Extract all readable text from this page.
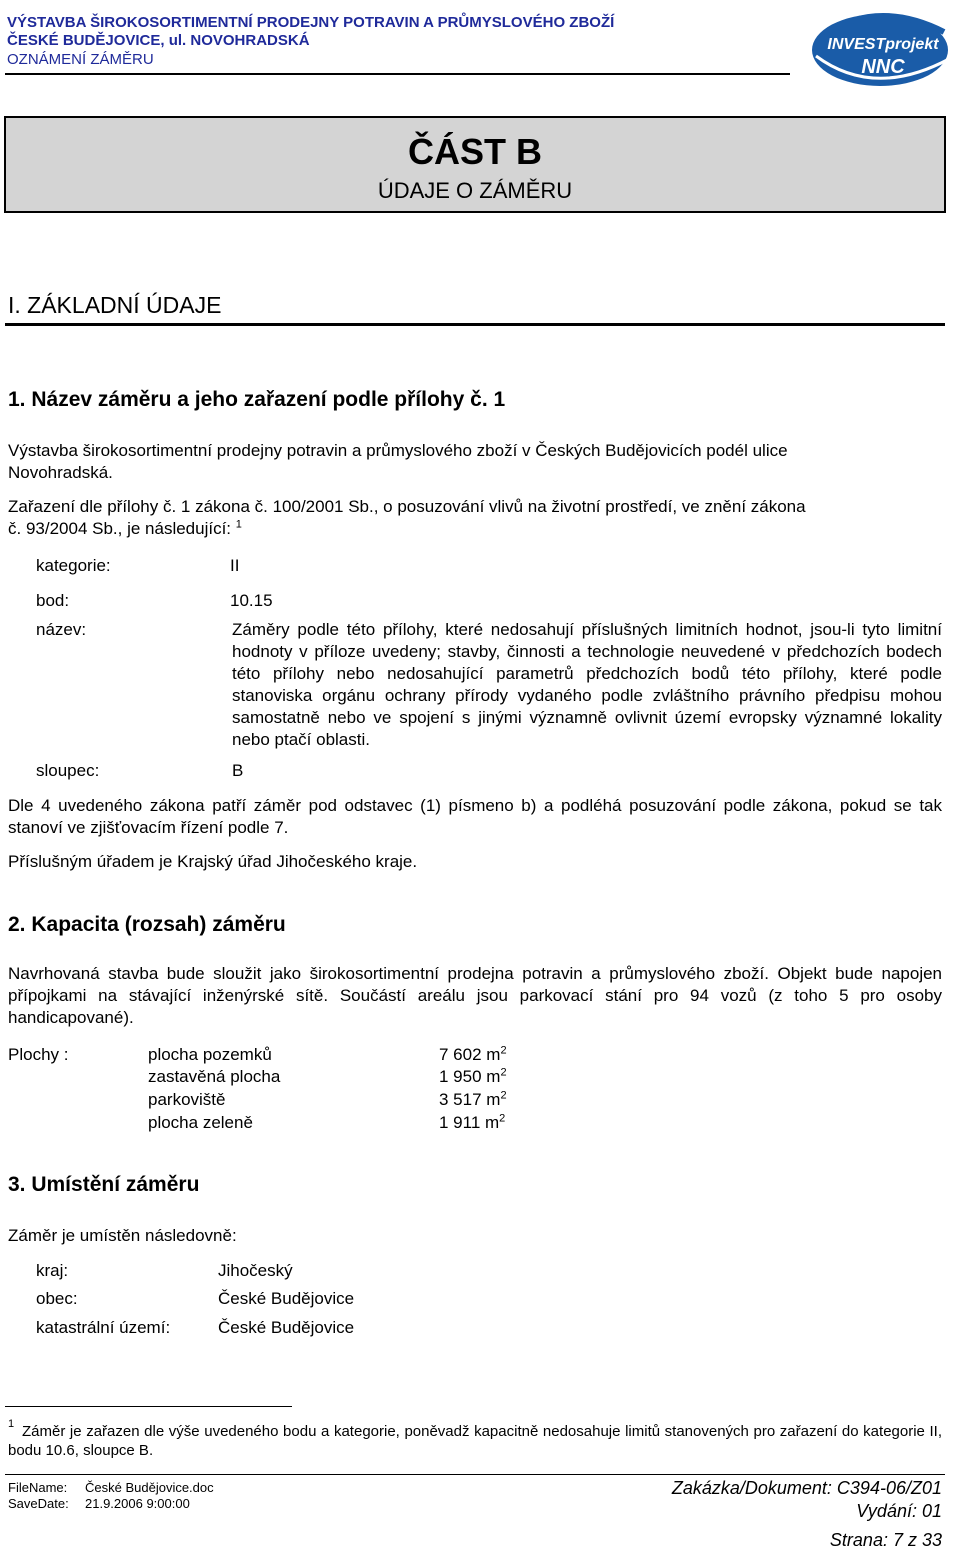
VÝSTAVBA ŠIROKOSORTIMENTNÍ PRODEJNY POTRAVIN A PRŮMYSLOVÉHO ZBOŽÍ
ČESKÉ BUDĚJOVICE, ul. NOVOHRADSKÁ
OZNÁMENÍ ZÁMĚRU
INVESTprojekt
NNC
ČÁST B
ÚDAJE O ZÁMĚRU
I. ZÁKLADNÍ ÚDAJE
1. Název záměru a jeho zařazení podle přílohy č. 1
Výstavba širokosortimentní prodejny potravin a průmyslového zboží v Českých Budějovicích podél ulice
Novohradská.
Zařazení dle přílohy č. 1 zákona č. 100/2001 Sb., o posuzování vlivů na životní prostředí, ve znění zákona
č. 93/2004 Sb., je následující: $^1$
kategorie:	II
bod:	10.15
název:	Záměry podle této přílohy, které nedosahují příslušných limitních hodnot, jsou-li tyto limitní hodnoty v příloze uvedeny; stavby, činnosti a technologie neuvedené v předchozích bodech této přílohy nebo nedosahující parametrů předchozích bodů této přílohy, které podle stanoviska orgánu ochrany přírody vydaného podle zvláštního právního předpisu mohou samostatně nebo ve spojení s jinými významně ovlivnit území evropsky významné lokality nebo ptačí oblasti.
sloupec:	B
Dle 4 uvedeného zákona patří záměr pod odstavec (1) písmeno b) a podléhá posuzování podle zákona, pokud se tak stanoví ve zjišťovacím řízení podle 7.
Příslušným úřadem je Krajský úřad Jihočeského kraje.
2. Kapacita (rozsah) záměru
Navrhovaná stavba bude sloužit jako širokosortimentní prodejna potravin a průmyslového zboží. Objekt bude napojen přípojkami na stávající inženýrské sítě. Součástí areálu jsou parkovací stání pro 94 vozů (z toho 5 pro osoby handicapované).
Plochy :	plocha pozemků	7 602 $m^2$
zastavěná plocha	1 950 $m^2$
parkoviště	3 517 $m^2$
plocha zeleně	1 911 $m^2$
3. Umístění záměru
Záměr je umístěn následovně:
kraj:	Jihočeský
obec:	České Budějovice
katastrální území:	České Budějovice
1 Záměr je zařazen dle výše uvedeného bodu a kategorie, poněvadž kapacitně nedosahuje limitů stanovených pro zařazení do kategorie II, bodu 10.6, sloupce B.
FileName: České Budějovice.doc
SaveDate: 21.9.2006 9:00:00
Zakázka/Dokument: C394-06/Z01
Vydání: 01
Strana: 7 z 33
